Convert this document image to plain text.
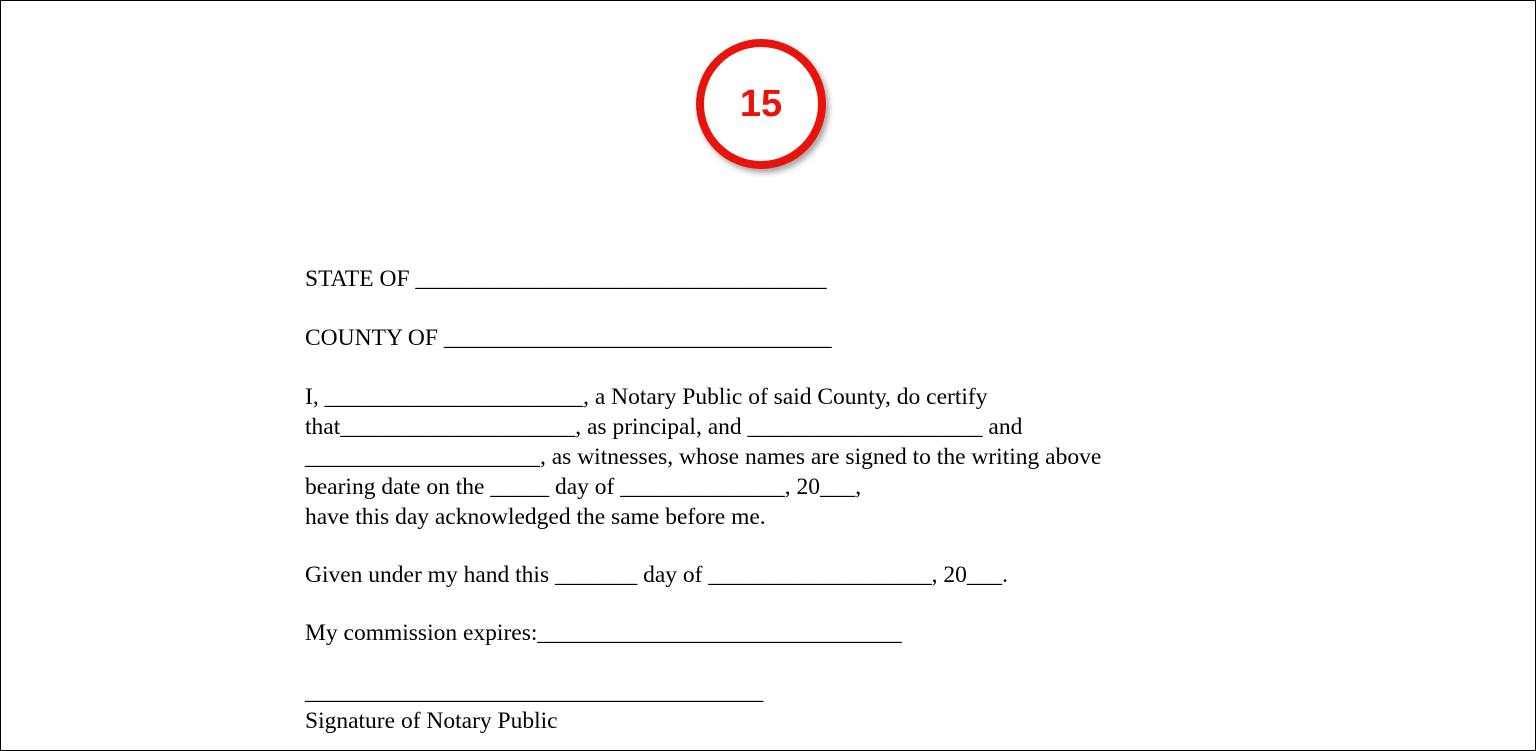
15
STATE OF ___________________________________
COUNTY OF _________________________________
I, ______________________, a Notary Public of said County, do certify
that____________________, as principal, and ____________________ and
____________________, as witnesses, whose names are signed to the writing above
bearing date on the _____ day of ______________, 20___,
have this day acknowledged the same before me.
Given under my hand this _______ day of ___________________, 20___.
My commission expires:_______________________________
_______________________________________
Signature of Notary Public
